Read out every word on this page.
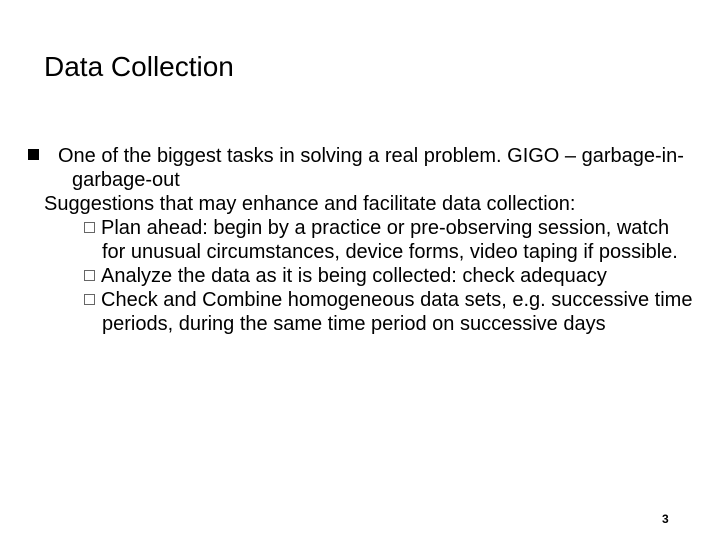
Data Collection
One of the biggest tasks in solving a real problem. GIGO – garbage-in-garbage-out
Suggestions that may enhance and facilitate data collection:
Plan ahead: begin by a practice or pre-observing session, watch for unusual circumstances, device forms, video taping if possible.
Analyze the data as it is being collected: check adequacy
Check and Combine homogeneous data sets, e.g. successive time periods, during the same time period on successive days
3
